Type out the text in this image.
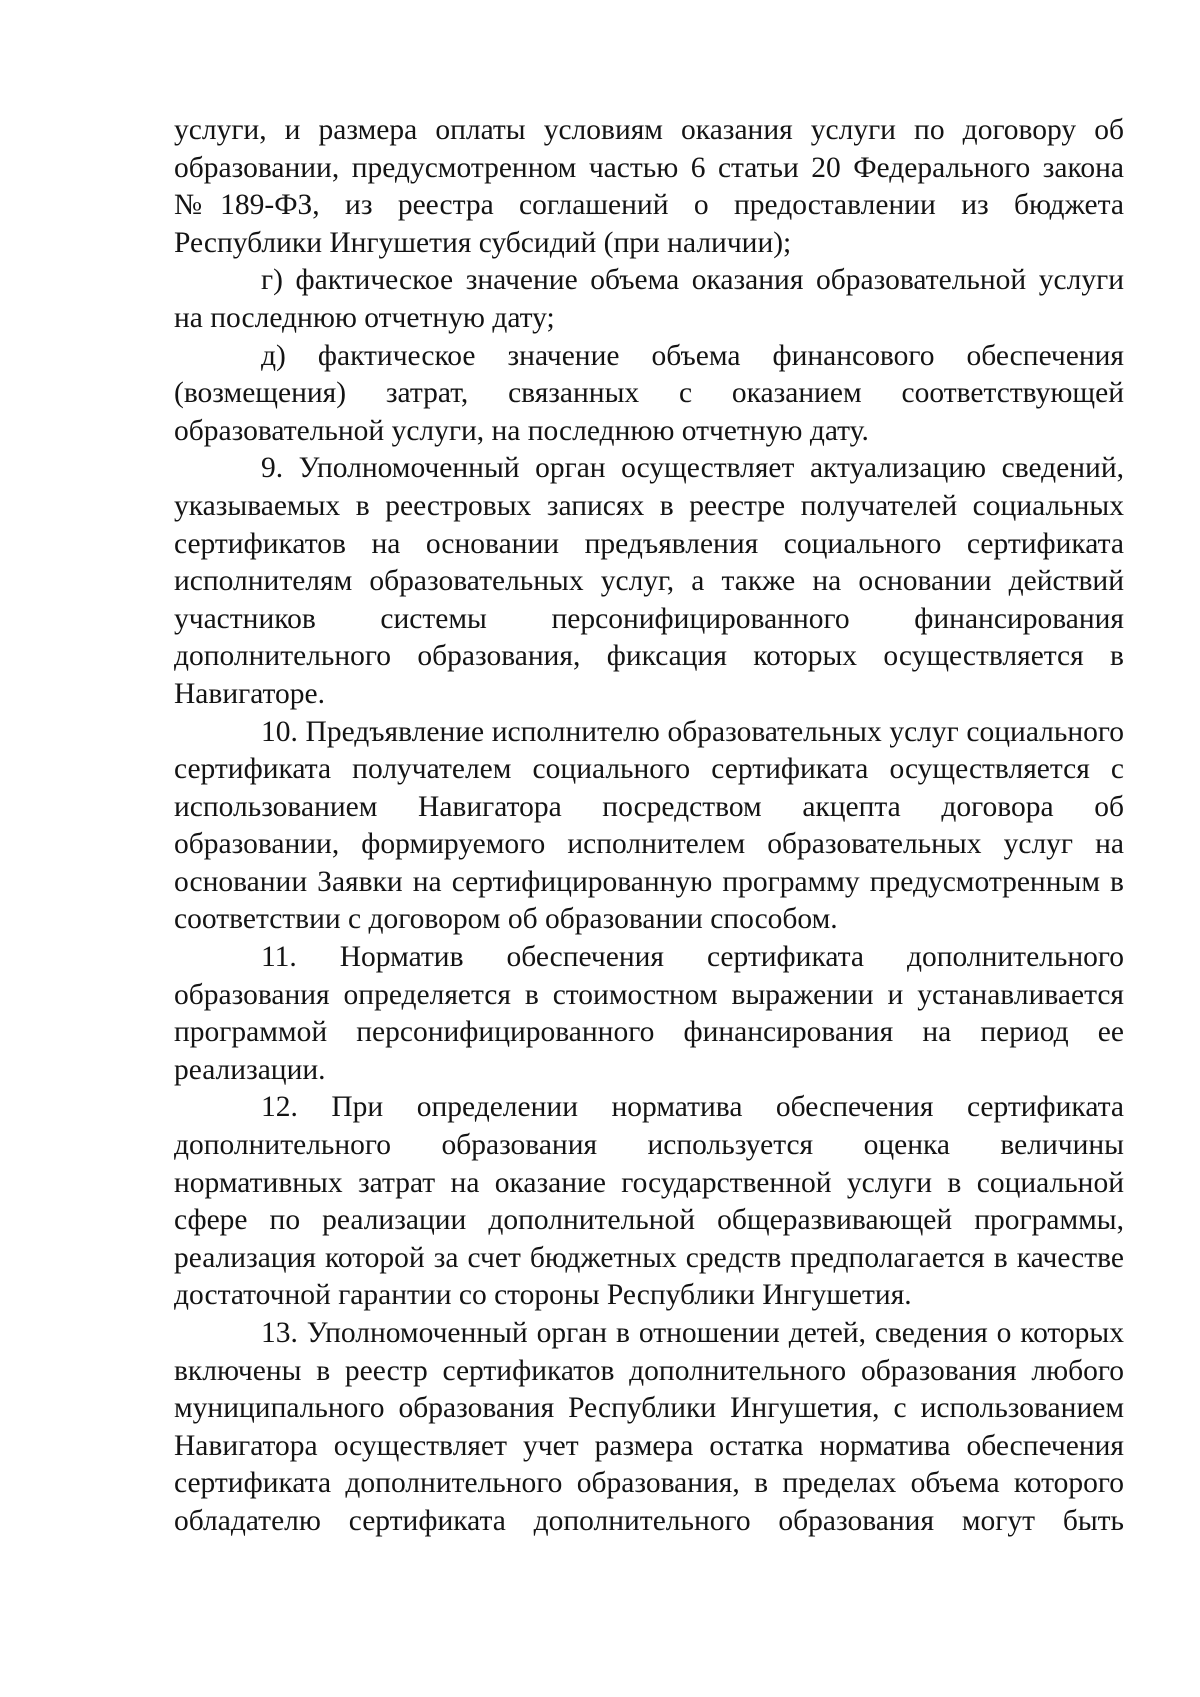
услуги, и размера оплаты условиям оказания услуги по договору об образовании, предусмотренном частью 6 статьи 20 Федерального закона №189-ФЗ, из реестра соглашений о предоставлении из бюджета Республики Ингушетия субсидий (при наличии);

г) фактическое значение объема оказания образовательной услуги на последнюю отчетную дату;

д) фактическое значение объема финансового обеспечения (возмещения) затрат, связанных с оказанием соответствующей образовательной услуги, на последнюю отчетную дату.

9. Уполномоченный орган осуществляет актуализацию сведений, указываемых в реестровых записях в реестре получателей социальных сертификатов на основании предъявления социального сертификата исполнителям образовательных услуг, а также на основании действий участников системы персонифицированного финансирования дополнительного образования, фиксация которых осуществляется в Навигаторе.

10. Предъявление исполнителю образовательных услуг социального сертификата получателем социального сертификата осуществляется с использованием Навигатора посредством акцепта договора об образовании, формируемого исполнителем образовательных услуг на основании Заявки на сертифицированную программу предусмотренным в соответствии с договором об образовании способом.

11. Норматив обеспечения сертификата дополнительного образования определяется в стоимостном выражении и устанавливается программой персонифицированного финансирования на период ее реализации.

12. При определении норматива обеспечения сертификата дополнительного образования используется оценка величины нормативных затрат на оказание государственной услуги в социальной сфере по реализации дополнительной общеразвивающей программы, реализация которой за счет бюджетных средств предполагается в качестве достаточной гарантии со стороны Республики Ингушетия.

13. Уполномоченный орган в отношении детей, сведения о которых включены в реестр сертификатов дополнительного образования любого муниципального образования Республики Ингушетия, с использованием Навигатора осуществляет учет размера остатка норматива обеспечения сертификата дополнительного образования, в пределах объема которого обладателю сертификата дополнительного образования могут быть
